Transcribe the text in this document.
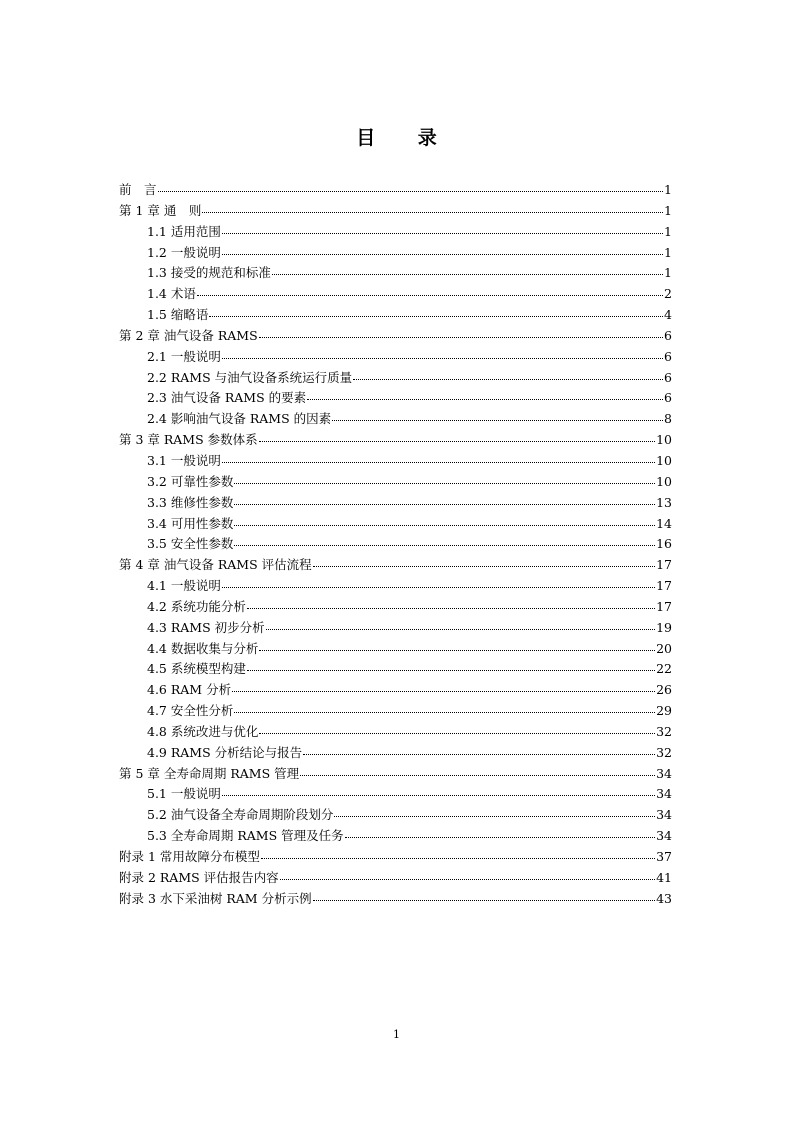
目 录
前　言	1
第 1 章 通　则	1
1.1 适用范围	1
1.2 一般说明	1
1.3 接受的规范和标准	1
1.4 术语	2
1.5 缩略语	4
第 2 章 油气设备 RAMS	6
2.1 一般说明	6
2.2 RAMS 与油气设备系统运行质量	6
2.3 油气设备 RAMS 的要素	6
2.4 影响油气设备 RAMS 的因素	8
第 3 章 RAMS 参数体系	10
3.1 一般说明	10
3.2 可靠性参数	10
3.3 维修性参数	13
3.4 可用性参数	14
3.5 安全性参数	16
第 4 章 油气设备 RAMS 评估流程	17
4.1 一般说明	17
4.2 系统功能分析	17
4.3 RAMS 初步分析	19
4.4 数据收集与分析	20
4.5 系统模型构建	22
4.6 RAM 分析	26
4.7 安全性分析	29
4.8 系统改进与优化	32
4.9 RAMS 分析结论与报告	32
第 5 章 全寿命周期 RAMS 管理	34
5.1 一般说明	34
5.2 油气设备全寿命周期阶段划分	34
5.3 全寿命周期 RAMS 管理及任务	34
附录 1 常用故障分布模型	37
附录 2 RAMS 评估报告内容	41
附录 3 水下采油树 RAM 分析示例	43
1
